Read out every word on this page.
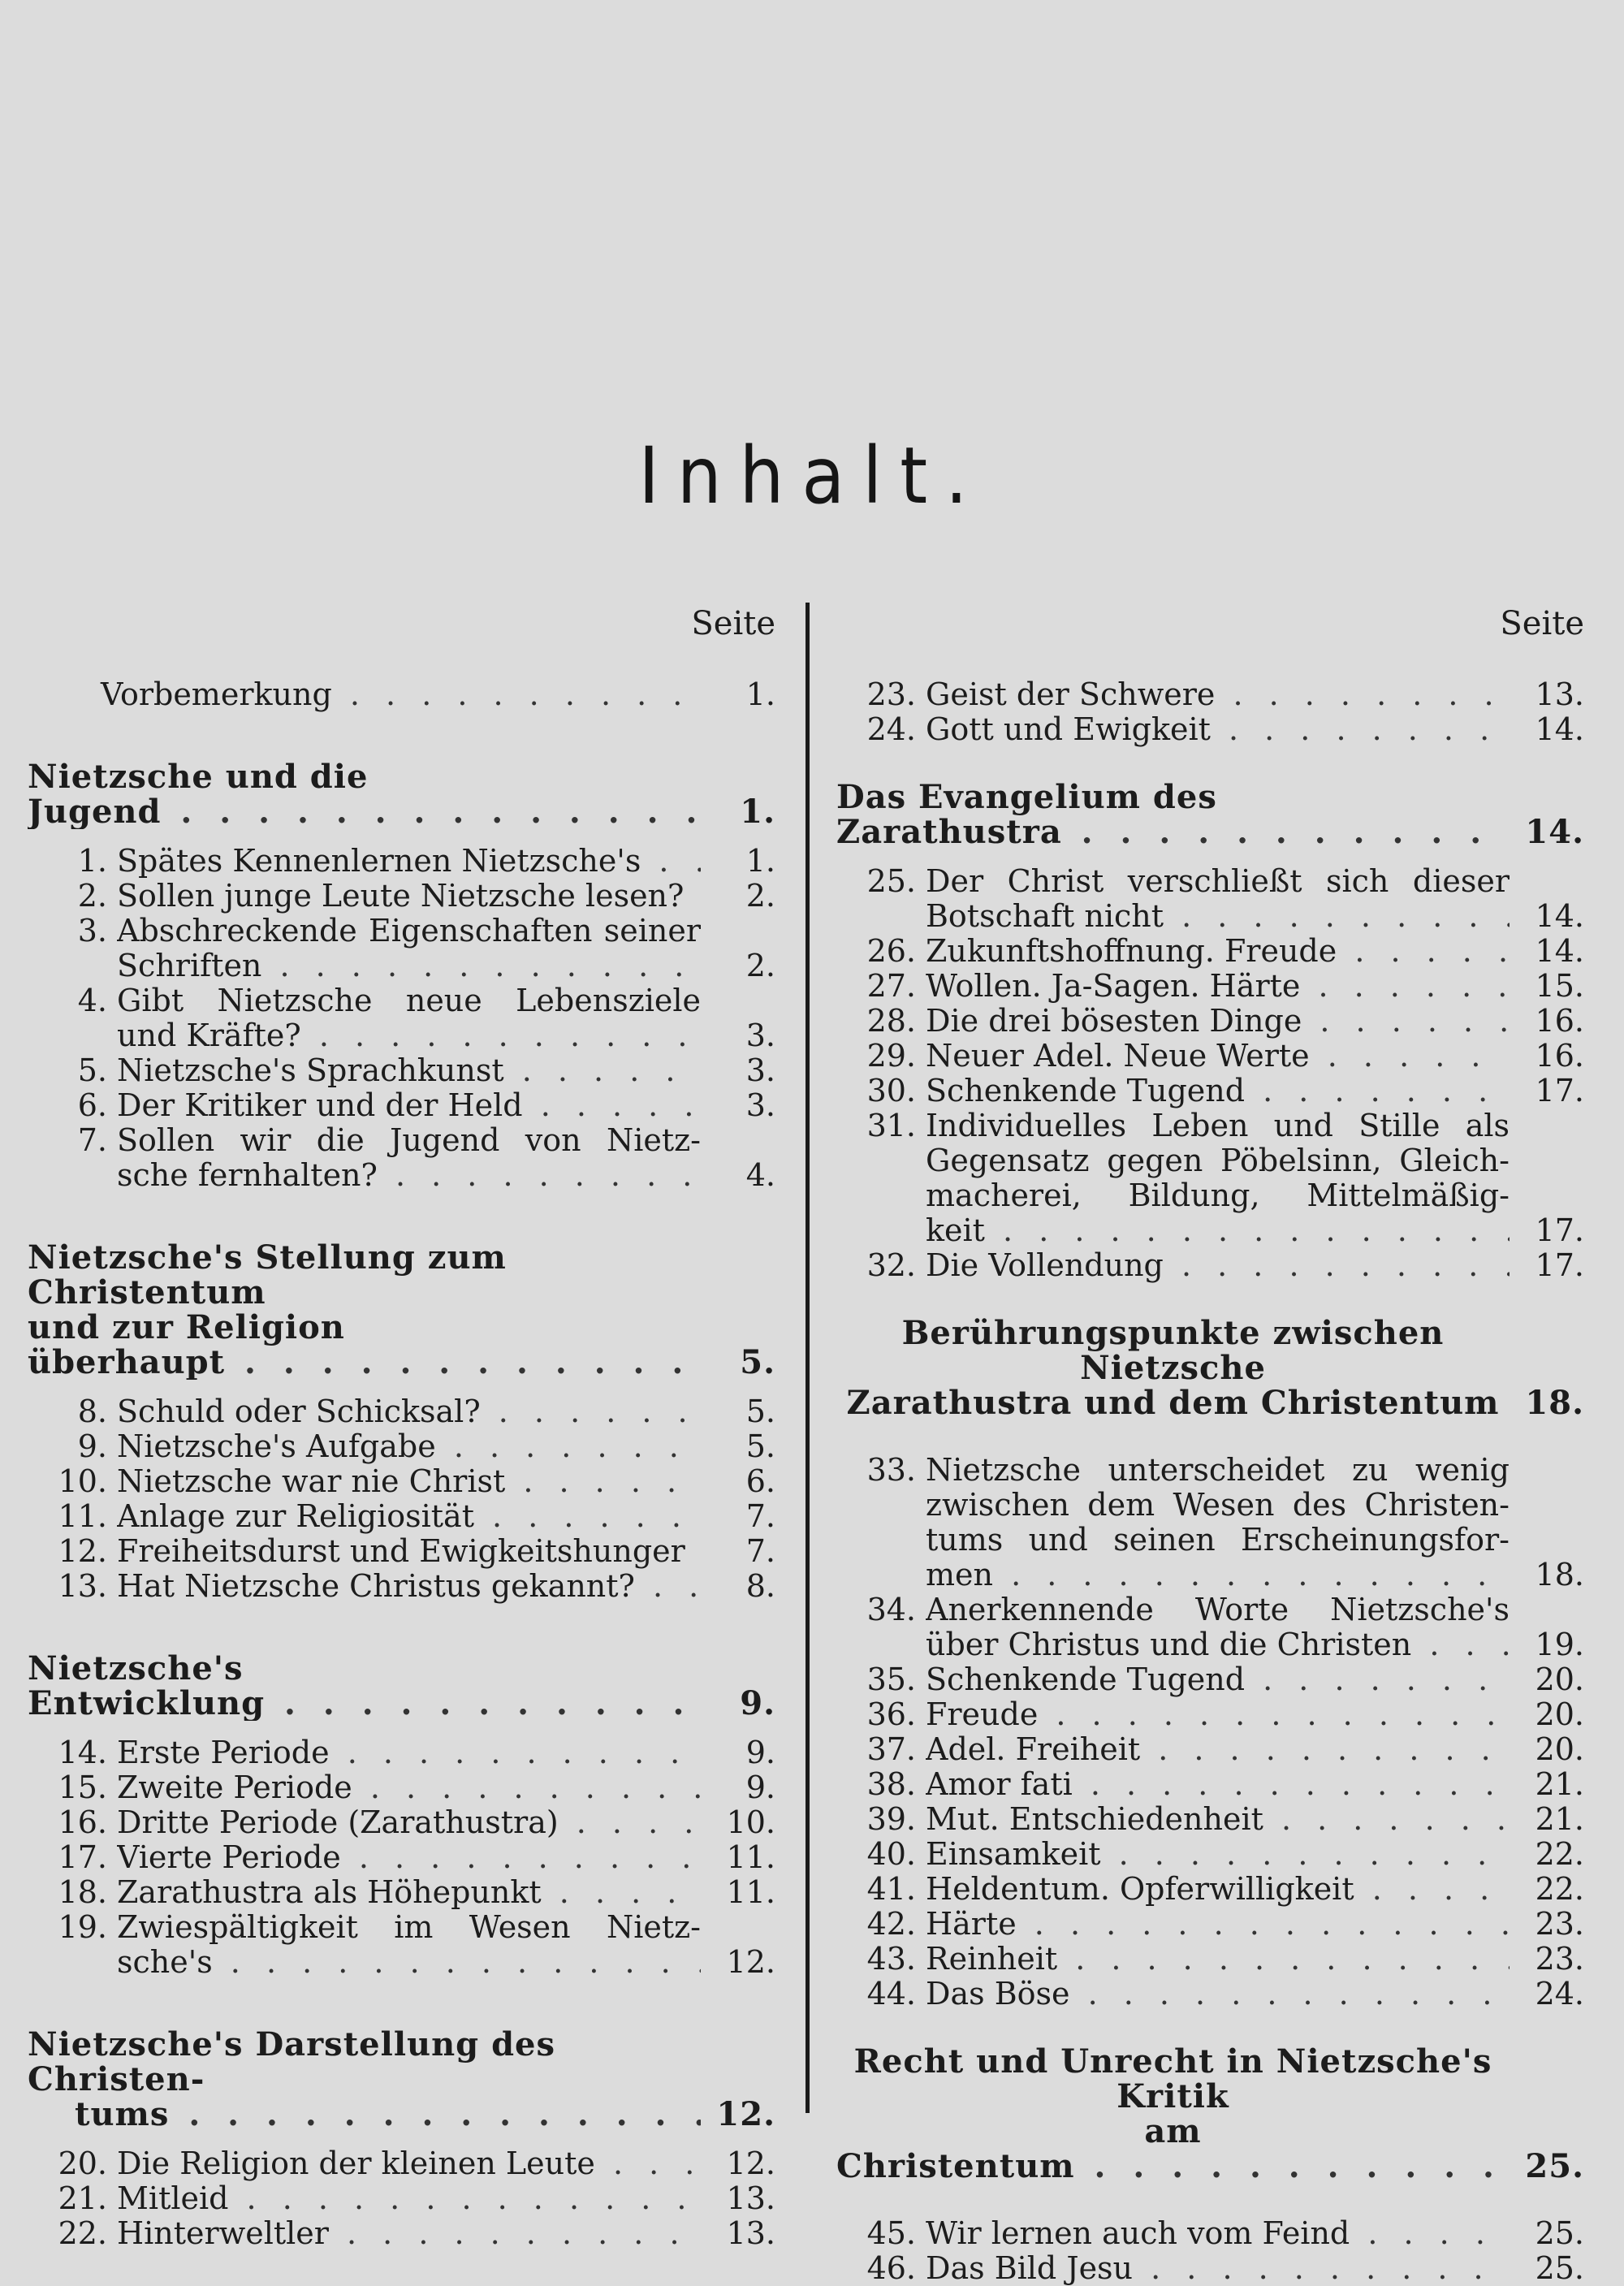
Inhalt.
Seite
Vorbemerkung . . .	1.
Nietzsche und die Jugend . . .	1.
1. Spätes Kennenlernen Nietzsche's . . .	1.
2. Sollen junge Leute Nietzsche lesen? . . .	2.
3. Abschreckende Eigenschaften seiner
Schriften . . .	2.
4. Gibt Nietzsche neue Lebensziele
und Kräfte? . . .	3.
5. Nietzsche's Sprachkunst . . .	3.
6. Der Kritiker und der Held . . .	3.
7. Sollen wir die Jugend von Nietz-
sche fernhalten? . . .	4.
Nietzsche's Stellung zum Christentum
und zur Religion überhaupt . . .	5.
8. Schuld oder Schicksal? . . .	5.
9. Nietzsche's Aufgabe . . .	5.
10. Nietzsche war nie Christ . . .	6.
11. Anlage zur Religiosität . . .	7.
12. Freiheitsdurst und Ewigkeitshunger . . .	7.
13. Hat Nietzsche Christus gekannt? . . .	8.
Nietzsche's Entwicklung . . .	9.
14. Erste Periode . . .	9.
15. Zweite Periode . . .	9.
16. Dritte Periode (Zarathustra) . . .	10.
17. Vierte Periode . . .	11.
18. Zarathustra als Höhepunkt . . .	11.
19. Zwiespältigkeit im Wesen Nietz-
sche's . . .	12.
Nietzsche's Darstellung des Christen-
tums . . .	12.
20. Die Religion der kleinen Leute . . .	12.
21. Mitleid . . .	13.
22. Hinterweltler . . .	13.
Seite
23. Geist der Schwere . . .	13.
24. Gott und Ewigkeit . . .	14.
Das Evangelium des Zarathustra . . .	14.
25. Der Christ verschließt sich dieser
Botschaft nicht . . .	14.
26. Zukunftshoffnung. Freude . . .	14.
27. Wollen. Ja-Sagen. Härte . . .	15.
28. Die drei bösesten Dinge . . .	16.
29. Neuer Adel. Neue Werte . . .	16.
30. Schenkende Tugend . . .	17.
31. Individuelles Leben und Stille als
Gegensatz gegen Pöbelsinn, Gleich-
macherei, Bildung, Mittelmäßig-
keit . . .	17.
32. Die Vollendung . . .	17.
Berührungspunkte zwischen Nietzsche
Zarathustra und dem Christentum 18.
33. Nietzsche unterscheidet zu wenig
zwischen dem Wesen des Christen-
tums und seinen Erscheinungsfor-
men . . .	18.
34. Anerkennende Worte Nietzsche's
über Christus und die Christen . . .	19.
35. Schenkende Tugend . . .	20.
36. Freude . . .	20.
37. Adel. Freiheit . . .	20.
38. Amor fati . . .	21.
39. Mut. Entschiedenheit . . .	21.
40. Einsamkeit . . .	22.
41. Heldentum. Opferwilligkeit . . .	22.
42. Härte . . .	23.
43. Reinheit . . .	23.
44. Das Böse . . .	24.
Recht und Unrecht in Nietzsche's Kritik
am Christentum . . .	25.
45. Wir lernen auch vom Feind . . .	25.
46. Das Bild Jesu . . .	25.
